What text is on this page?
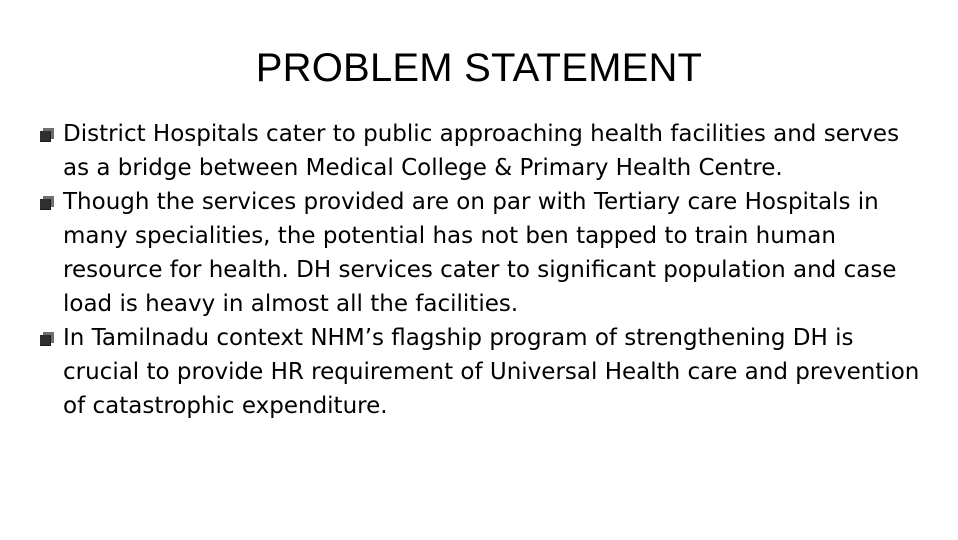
PROBLEM STATEMENT
District Hospitals cater to public approaching health facilities and serves as a bridge between Medical College & Primary Health Centre.
Though the services provided are on par with Tertiary care Hospitals in many specialities, the potential has not ben tapped to train human resource for health. DH services cater to significant population and case load is heavy in almost all the facilities.
In Tamilnadu context NHM’s flagship program of strengthening DH is crucial to provide HR requirement of Universal Health care and prevention of catastrophic expenditure.
